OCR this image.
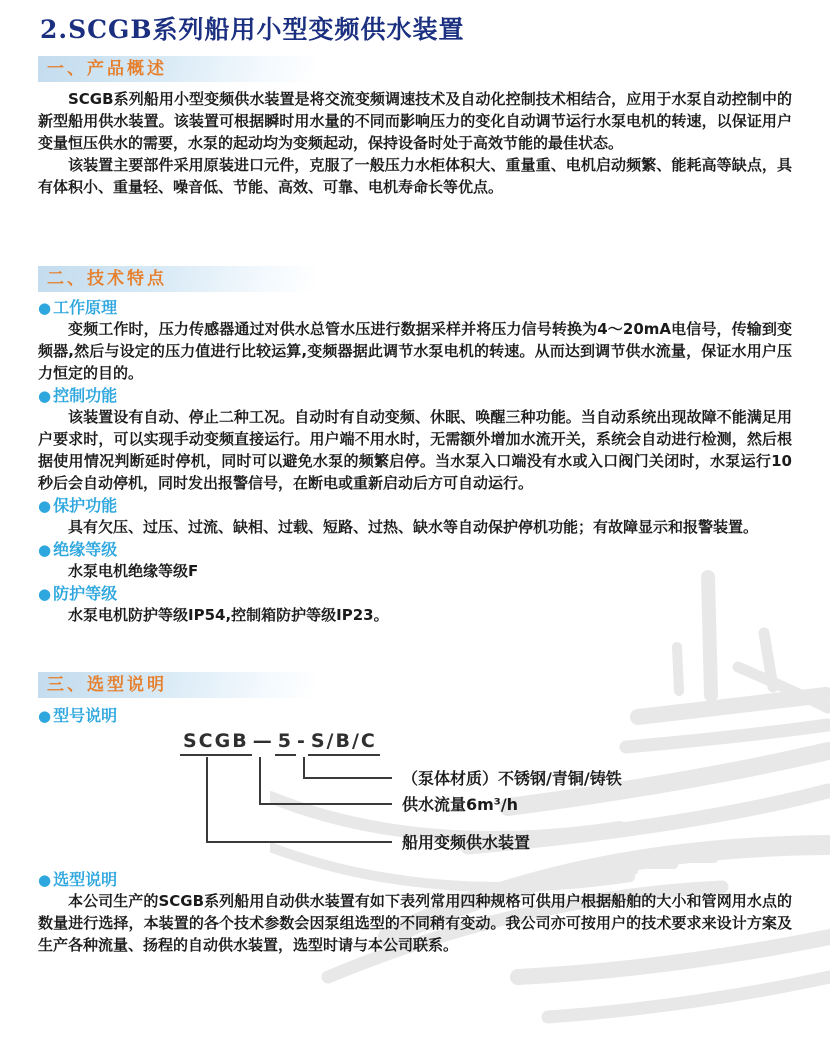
2.SCGB系列船用小型变频供水装置
一、产品概述

SCGB系列船用小型变频供水装置是将交流变频调速技术及自动化控制技术相结合，应用于水泵自动控制中的新型船用供水装置。该装置可根据瞬时用水量的不同而影响压力的变化自动调节运行水泵电机的转速，以保证用户变量恒压供水的需要，水泵的起动均为变频起动，保持设备时处于高效节能的最佳状态。

该装置主要部件采用原装进口元件，克服了一般压力水柜体积大、重量重、电机启动频繁、能耗高等缺点，具有体积小、重量轻、噪音低、节能、高效、可靠、电机寿命长等优点。

二、技术特点
● 工作原理

变频工作时，压力传感器通过对供水总管水压进行数据采样并将压力信号转换为4～20mA电信号，传输到变频器,然后与设定的压力值进行比较运算,变频器据此调节水泵电机的转速。从而达到调节供水流量，保证水用户压力恒定的目的。

● 控制功能

该装置设有自动、停止二种工况。自动时有自动变频、休眠、唤醒三种功能。当自动系统出现故障不能满足用户要求时，可以实现手动变频直接运行。用户端不用水时，无需额外增加水流开关，系统会自动进行检测，然后根据使用情况判断延时停机，同时可以避免水泵的频繁启停。当水泵入口端没有水或入口阀门关闭时，水泵运行10秒后会自动停机，同时发出报警信号，在断电或重新启动后方可自动运行。

● 保护功能

具有欠压、过压、过流、缺相、过载、短路、过热、缺水等自动保护停机功能；有故障显示和报警装置。

● 绝缘等级

水泵电机绝缘等级F

● 防护等级

水泵电机防护等级IP54,控制箱防护等级IP23。

三、选型说明
● 型号说明
SCGB — 5 - S/B/C
（泵体材质）不锈钢/青铜/铸铁
供水流量6m³/h
船用变频供水装置
● 选型说明

本公司生产的SCGB系列船用自动供水装置有如下表列常用四种规格可供用户根据船舶的大小和管网用水点的数量进行选择，本装置的各个技术参数会因泵组选型的不同稍有变动。我公司亦可按用户的技术要求来设计方案及生产各种流量、扬程的自动供水装置，选型时请与本公司联系。
